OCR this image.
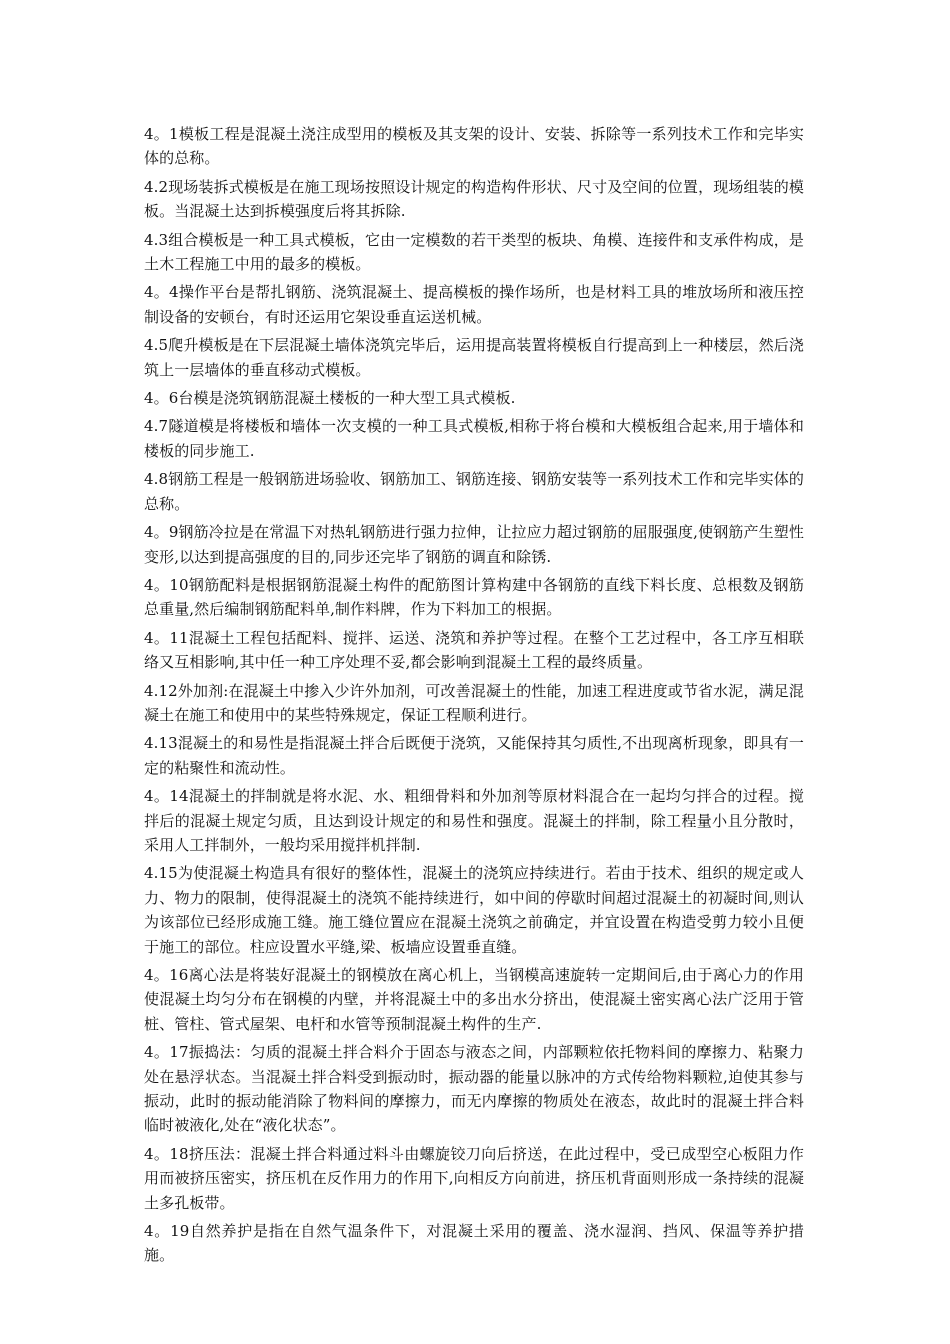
4。1模板工程是混凝土浇注成型用的模板及其支架的设计、安装、拆除等一系列技术工作和完毕实体的总称。

4.2现场装拆式模板是在施工现场按照设计规定的构造构件形状、尺寸及空间的位置，现场组装的模板。当混凝土达到拆模强度后将其拆除.

4.3组合模板是一种工具式模板，它由一定模数的若干类型的板块、角模、连接件和支承件构成，是土木工程施工中用的最多的模板。

4。4操作平台是帮扎钢筋、浇筑混凝土、提高模板的操作场所，也是材料工具的堆放场所和液压控制设备的安顿台，有时还运用它架设垂直运送机械。

4.5爬升模板是在下层混凝土墙体浇筑完毕后，运用提高装置将模板自行提高到上一种楼层，然后浇筑上一层墙体的垂直移动式模板。

4。6台模是浇筑钢筋混凝土楼板的一种大型工具式模板.

4.7隧道模是将楼板和墙体一次支模的一种工具式模板,相称于将台模和大模板组合起来,用于墙体和楼板的同步施工.

4.8钢筋工程是一般钢筋进场验收、钢筋加工、钢筋连接、钢筋安装等一系列技术工作和完毕实体的总称。

4。9钢筋冷拉是在常温下对热轧钢筋进行强力拉伸，让拉应力超过钢筋的屈服强度,使钢筋产生塑性变形,以达到提高强度的目的,同步还完毕了钢筋的调直和除锈.

4。10钢筋配料是根据钢筋混凝土构件的配筋图计算构建中各钢筋的直线下料长度、总根数及钢筋总重量,然后编制钢筋配料单,制作料牌，作为下料加工的根据。

4。11混凝土工程包括配料、搅拌、运送、浇筑和养护等过程。在整个工艺过程中，各工序互相联络又互相影响,其中任一种工序处理不妥,都会影响到混凝土工程的最终质量。

4.12外加剂:在混凝土中掺入少许外加剂，可改善混凝土的性能，加速工程进度或节省水泥，满足混凝土在施工和使用中的某些特殊规定，保证工程顺利进行。

4.13混凝土的和易性是指混凝土拌合后既便于浇筑，又能保持其匀质性,不出现离析现象，即具有一定的粘聚性和流动性。

4。14混凝土的拌制就是将水泥、水、粗细骨料和外加剂等原材料混合在一起均匀拌合的过程。搅拌后的混凝土规定匀质，且达到设计规定的和易性和强度。混凝土的拌制，除工程量小且分散时，采用人工拌制外，一般均采用搅拌机拌制.

4.15为使混凝土构造具有很好的整体性，混凝土的浇筑应持续进行。若由于技术、组织的规定或人力、物力的限制，使得混凝土的浇筑不能持续进行，如中间的停歇时间超过混凝土的初凝时间,则认为该部位已经形成施工缝。施工缝位置应在混凝土浇筑之前确定，并宜设置在构造受剪力较小且便于施工的部位。柱应设置水平缝,梁、板墙应设置垂直缝。

4。16离心法是将装好混凝土的钢模放在离心机上，当钢模高速旋转一定期间后,由于离心力的作用使混凝土均匀分布在钢模的内壁，并将混凝土中的多出水分挤出，使混凝土密实离心法广泛用于管桩、管柱、管式屋架、电杆和水管等预制混凝土构件的生产.

4。17振捣法：匀质的混凝土拌合料介于固态与液态之间，内部颗粒依托物料间的摩擦力、粘聚力处在悬浮状态。当混凝土拌合料受到振动时，振动器的能量以脉冲的方式传给物料颗粒,迫使其参与振动，此时的振动能消除了物料间的摩擦力，而无内摩擦的物质处在液态，故此时的混凝土拌合料临时被液化,处在“液化状态”。

4。18挤压法：混凝土拌合料通过料斗由螺旋铰刀向后挤送，在此过程中，受已成型空心板阻力作用而被挤压密实，挤压机在反作用力的作用下,向相反方向前进，挤压机背面则形成一条持续的混凝土多孔板带。

4。19自然养护是指在自然气温条件下，对混凝土采用的覆盖、浇水湿润、挡风、保温等养护措施。
